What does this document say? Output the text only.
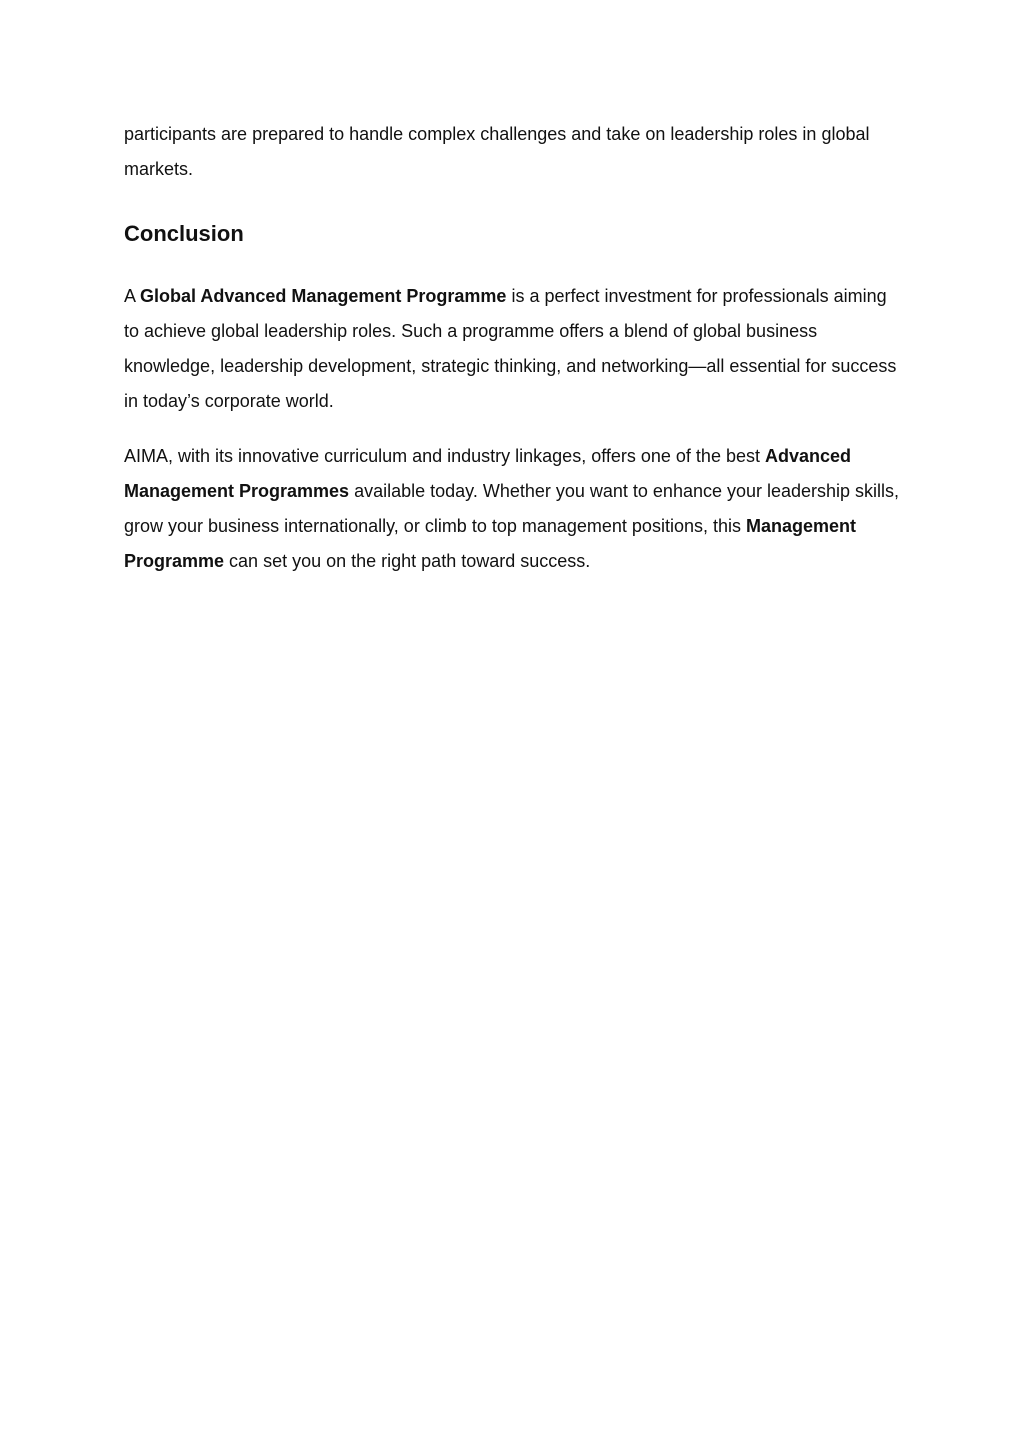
participants are prepared to handle complex challenges and take on leadership roles in global markets.

Conclusion

A Global Advanced Management Programme is a perfect investment for professionals aiming to achieve global leadership roles. Such a programme offers a blend of global business knowledge, leadership development, strategic thinking, and networking—all essential for success in today’s corporate world.

AIMA, with its innovative curriculum and industry linkages, offers one of the best Advanced Management Programmes available today. Whether you want to enhance your leadership skills, grow your business internationally, or climb to top management positions, this Management Programme can set you on the right path toward success.
